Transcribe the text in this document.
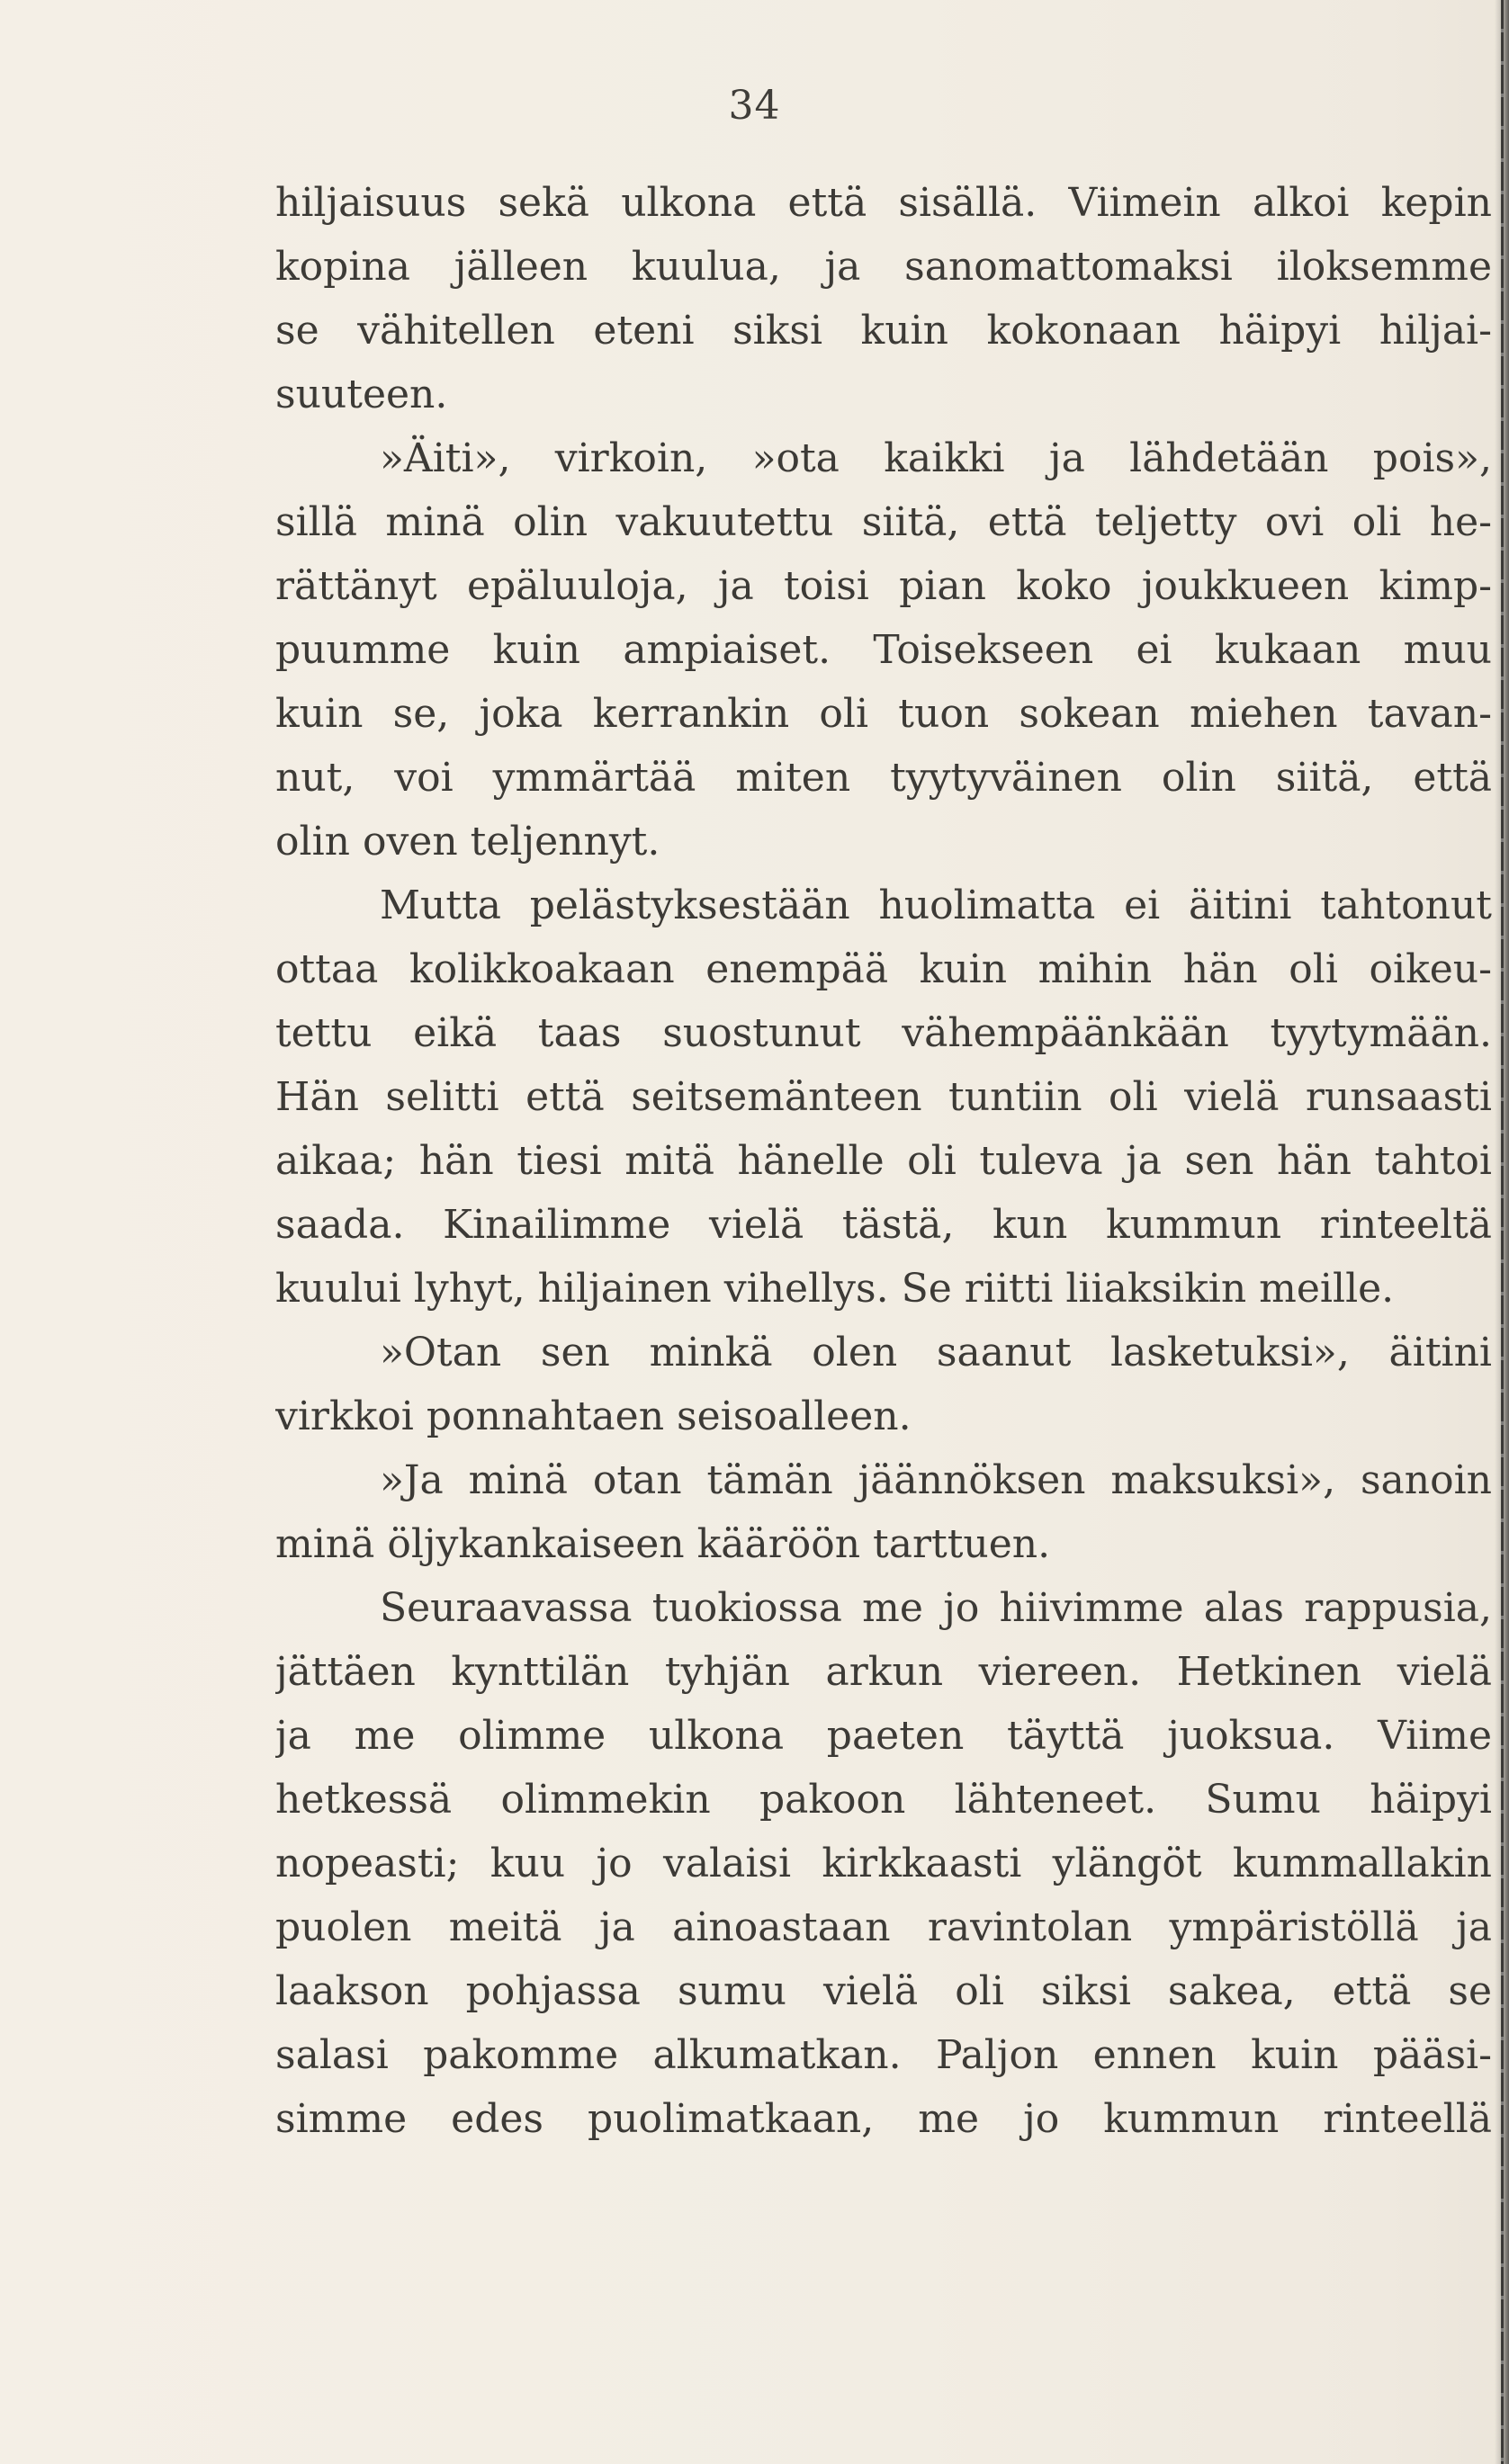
34
hiljaisuus sekä ulkona että sisällä. Viimein alkoi kepin
kopina jälleen kuulua, ja sanomattomaksi iloksemme
se vähitellen eteni siksi kuin kokonaan häipyi hiljai-
suuteen.
»Äiti», virkoin, »ota kaikki ja lähdetään pois»,
sillä minä olin vakuutettu siitä, että teljetty ovi oli he-
rättänyt epäluuloja, ja toisi pian koko joukkueen kimp-
puumme kuin ampiaiset. Toisekseen ei kukaan muu
kuin se, joka kerrankin oli tuon sokean miehen tavan-
nut, voi ymmärtää miten tyytyväinen olin siitä, että
olin oven teljennyt.
Mutta pelästyksestään huolimatta ei äitini tahtonut
ottaa kolikkoakaan enempää kuin mihin hän oli oikeu-
tettu eikä taas suostunut vähempäänkään tyytymään.
Hän selitti että seitsemänteen tuntiin oli vielä runsaasti
aikaa; hän tiesi mitä hänelle oli tuleva ja sen hän tahtoi
saada. Kinailimme vielä tästä, kun kummun rinteeltä
kuului lyhyt, hiljainen vihellys. Se riitti liiaksikin meille.
»Otan sen minkä olen saanut lasketuksi», äitini
virkkoi ponnahtaen seisoalleen.
»Ja minä otan tämän jäännöksen maksuksi», sanoin
minä öljykankaiseen kääröön tarttuen.
Seuraavassa tuokiossa me jo hiivimme alas rappusia,
jättäen kynttilän tyhjän arkun viereen. Hetkinen vielä
ja me olimme ulkona paeten täyttä juoksua. Viime
hetkessä olimmekin pakoon lähteneet. Sumu häipyi
nopeasti; kuu jo valaisi kirkkaasti ylängöt kummallakin
puolen meitä ja ainoastaan ravintolan ympäristöllä ja
laakson pohjassa sumu vielä oli siksi sakea, että se
salasi pakomme alkumatkan. Paljon ennen kuin pääsi-
simme edes puolimatkaan, me jo kummun rinteellä
